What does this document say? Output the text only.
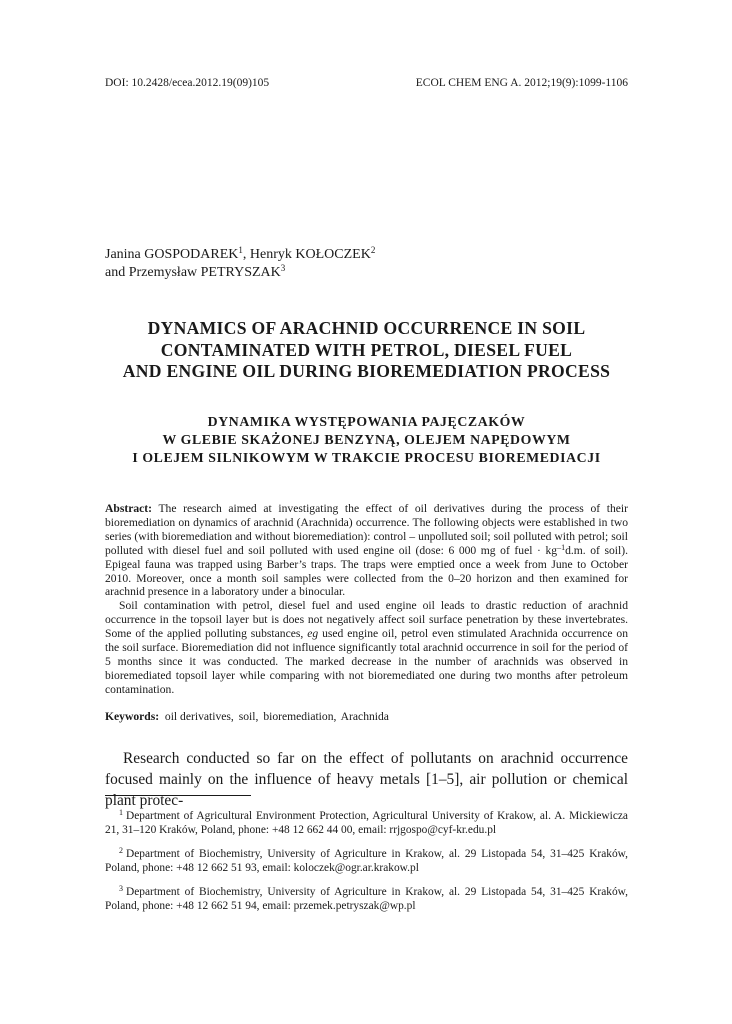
DOI: 10.2428/ecea.2012.19(09)105	ECOL CHEM ENG A. 2012;19(9):1099-1106
Janina GOSPODAREK$^1$, Henryk KOŁOCZEK$^2$
and Przemysław PETRYSZAK$^3$
DYNAMICS OF ARACHNID OCCURRENCE IN SOIL
CONTAMINATED WITH PETROL, DIESEL FUEL
AND ENGINE OIL DURING BIOREMEDIATION PROCESS
DYNAMIKA WYSTĘPOWANIA PAJĘCZAKÓW
W GLEBIE SKAŻONEJ BENZYNĄ, OLEJEM NAPĘDOWYM
I OLEJEM SILNIKOWYM W TRAKCIE PROCESU BIOREMEDIACJI

Abstract: The research aimed at investigating the effect of oil derivatives during the process of their bioremediation on dynamics of arachnid (Arachnida) occurrence. The following objects were established in two series (with bioremediation and without bioremediation): control – unpolluted soil; soil polluted with petrol; soil polluted with diesel fuel and soil polluted with used engine oil (dose: 6 000 mg of fuel · $kg^{-1}d.m$. of soil). Epigeal fauna was trapped using Barber’s traps. The traps were emptied once a week from June to October 2010. Moreover, once a month soil samples were collected from the 0–20 horizon and then examined for arachnid presence in a laboratory under a binocular.

Soil contamination with petrol, diesel fuel and used engine oil leads to drastic reduction of arachnid occurrence in the topsoil layer but is does not negatively affect soil surface penetration by these invertebrates. Some of the applied polluting substances, eg used engine oil, petrol even stimulated Arachnida occurrence on the soil surface. Bioremediation did not influence significantly total arachnid occurrence in soil for the period of 5 months since it was conducted. The marked decrease in the number of arachnids was observed in bioremediated topsoil layer while comparing with not bioremediated one during two months after petroleum contamination.

Keywords: oil derivatives, soil, bioremediation, Arachnida
Research conducted so far on the effect of pollutants on arachnid occurrence focused mainly on the influence of heavy metals [1–5], air pollution or chemical plant protec-

$^1$ Department of Agricultural Environment Protection, Agricultural University of Krakow, al. A. Mickiewicza 21, 31–120 Kraków, Poland, phone: +48 12 662 44 00, email: rrjgospo@cyf-kr.edu.pl

$^2$ Department of Biochemistry, University of Agriculture in Krakow, al. 29 Listopada 54, 31–425 Kraków, Poland, phone: +48 12 662 51 93, email: koloczek@ogr.ar.krakow.pl

$^3$ Department of Biochemistry, University of Agriculture in Krakow, al. 29 Listopada 54, 31–425 Kraków, Poland, phone: +48 12 662 51 94, email: przemek.petryszak@wp.pl
